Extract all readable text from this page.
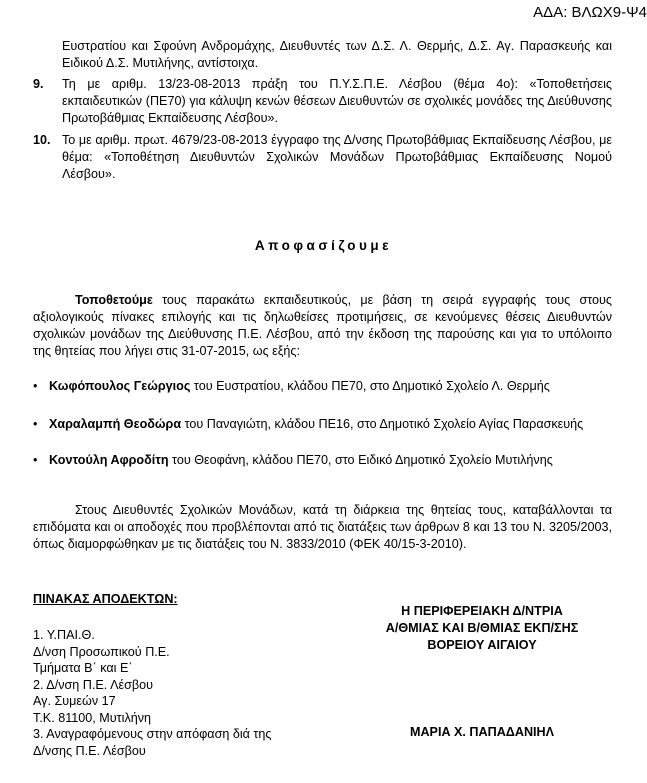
ΑΔΑ: ΒΛΩΧ9-Ψ4
Ευστρατίου και Σφούνη Ανδρομάχης, Διευθυντές των Δ.Σ. Λ. Θερμής, Δ.Σ. Αγ. Παρασκευής και Ειδικού Δ.Σ. Μυτιλήνης, αντίστοιχα.
9. Τη με αριθμ. 13/23-08-2013 πράξη του Π.Υ.Σ.Π.Ε. Λέσβου (θέμα 4ο): «Τοποθετήσεις εκπαιδευτικών (ΠΕ70) για κάλυψη κενών θέσεων Διευθυντών σε σχολικές μονάδες της Διεύθυνσης Πρωτοβάθμιας Εκπαίδευσης Λέσβου».
10. Το με αριθμ. πρωτ. 4679/23-08-2013 έγγραφο της Δ/νσης Πρωτοβάθμιας Εκπαίδευσης Λέσβου, με θέμα: «Τοποθέτηση Διευθυντών Σχολικών Μονάδων Πρωτοβάθμιας Εκπαίδευσης Νομού Λέσβου».
Αποφασίζουμε
Τοποθετούμε τους παρακάτω εκπαιδευτικούς, με βάση τη σειρά εγγραφής τους στους αξιολογικούς πίνακες επιλογής και τις δηλωθείσες προτιμήσεις, σε κενούμενες θέσεις Διευθυντών σχολικών μονάδων της Διεύθυνσης Π.Ε. Λέσβου, από την έκδοση της παρούσης και για το υπόλοιπο της θητείας που λήγει στις 31-07-2015, ως εξής:
• Κωφόπουλος Γεώργιος του Ευστρατίου, κλάδου ΠΕ70, στο Δημοτικό Σχολείο Λ. Θερμής
• Χαραλαμπή Θεοδώρα του Παναγιώτη, κλάδου ΠΕ16, στο Δημοτικό Σχολείο Αγίας Παρασκευής
• Κοντούλη Αφροδίτη του Θεοφάνη, κλάδου ΠΕ70, στο Ειδικό Δημοτικό Σχολείο Μυτιλήνης
Στους Διευθυντές Σχολικών Μονάδων, κατά τη διάρκεια της θητείας τους, καταβάλλονται τα επιδόματα και οι αποδοχές που προβλέπονται από τις διατάξεις των άρθρων 8 και 13 του Ν. 3205/2003, όπως διαμορφώθηκαν με τις διατάξεις του Ν. 3833/2010 (ΦΕΚ 40/15-3-2010).
ΠΙΝΑΚΑΣ ΑΠΟΔΕΚΤΩΝ:
1. Υ.ΠΑΙ.Θ.
Δ/νση Προσωπικού Π.Ε.
Τμήματα Β΄ και Ε΄
2. Δ/νση Π.Ε. Λέσβου
Αγ. Συμεών 17
Τ.Κ. 81100, Μυτιλήνη
3. Αναγραφόμενους στην απόφαση διά της
Δ/νσης Π.Ε. Λέσβου
Η ΠΕΡΙΦΕΡΕΙΑΚΗ Δ/ΝΤΡΙΑ
Α/ΘΜΙΑΣ ΚΑΙ Β/ΘΜΙΑΣ ΕΚΠ/ΣΗΣ
ΒΟΡΕΙΟΥ ΑΙΓΑΙΟΥ
ΜΑΡΙΑ Χ. ΠΑΠΑΔΑΝΙΗΛ
